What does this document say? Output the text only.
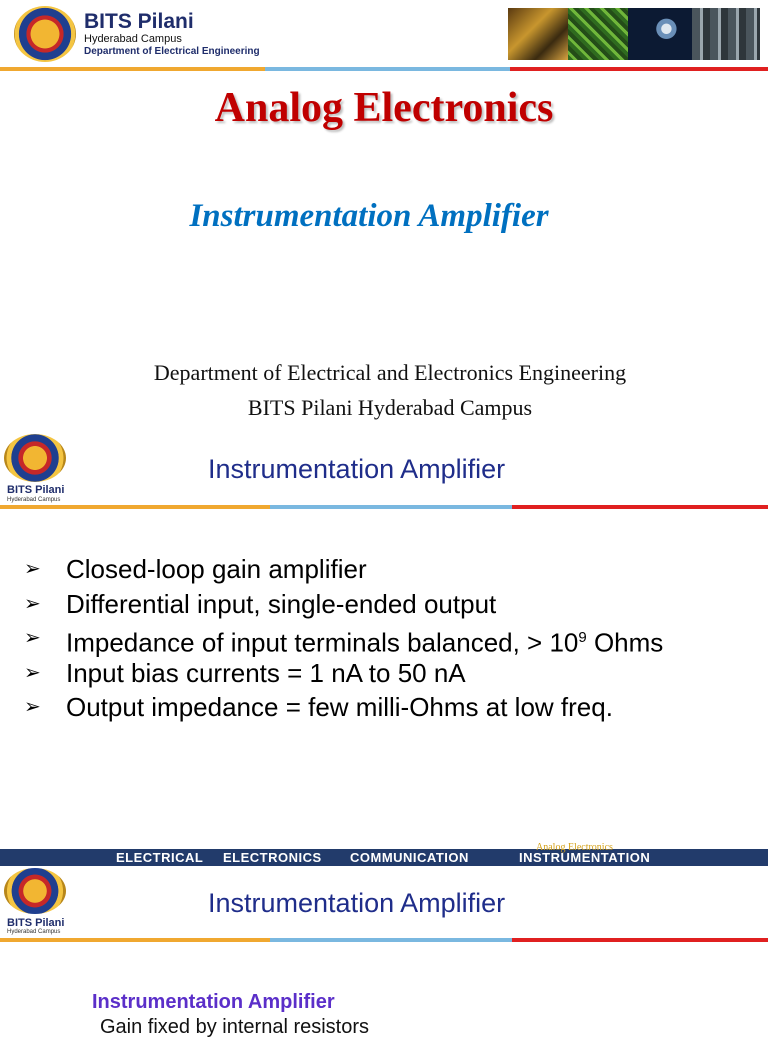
BITS Pilani
Hyderabad Campus
Department of Electrical Engineering
Analog Electronics
Instrumentation Amplifier
Department of Electrical and Electronics Engineering
BITS Pilani Hyderabad Campus
BITS Pilani
Hyderabad Campus
Instrumentation Amplifier
➢ Closed-loop gain amplifier
➢ Differential input, single-ended output
➢ Impedance of input terminals balanced, > $10^9$ Ohms
➢ Input bias currents = 1 nA to 50 nA
➢ Output impedance = few milli-Ohms at low freq.
ELECTRICAL ELECTRONICS COMMUNICATION	INSTRUMENTATION
Analog Electronics
BITS Pilani
Hyderabad Campus
Instrumentation Amplifier
Instrumentation Amplifier
Gain fixed by internal resistors
